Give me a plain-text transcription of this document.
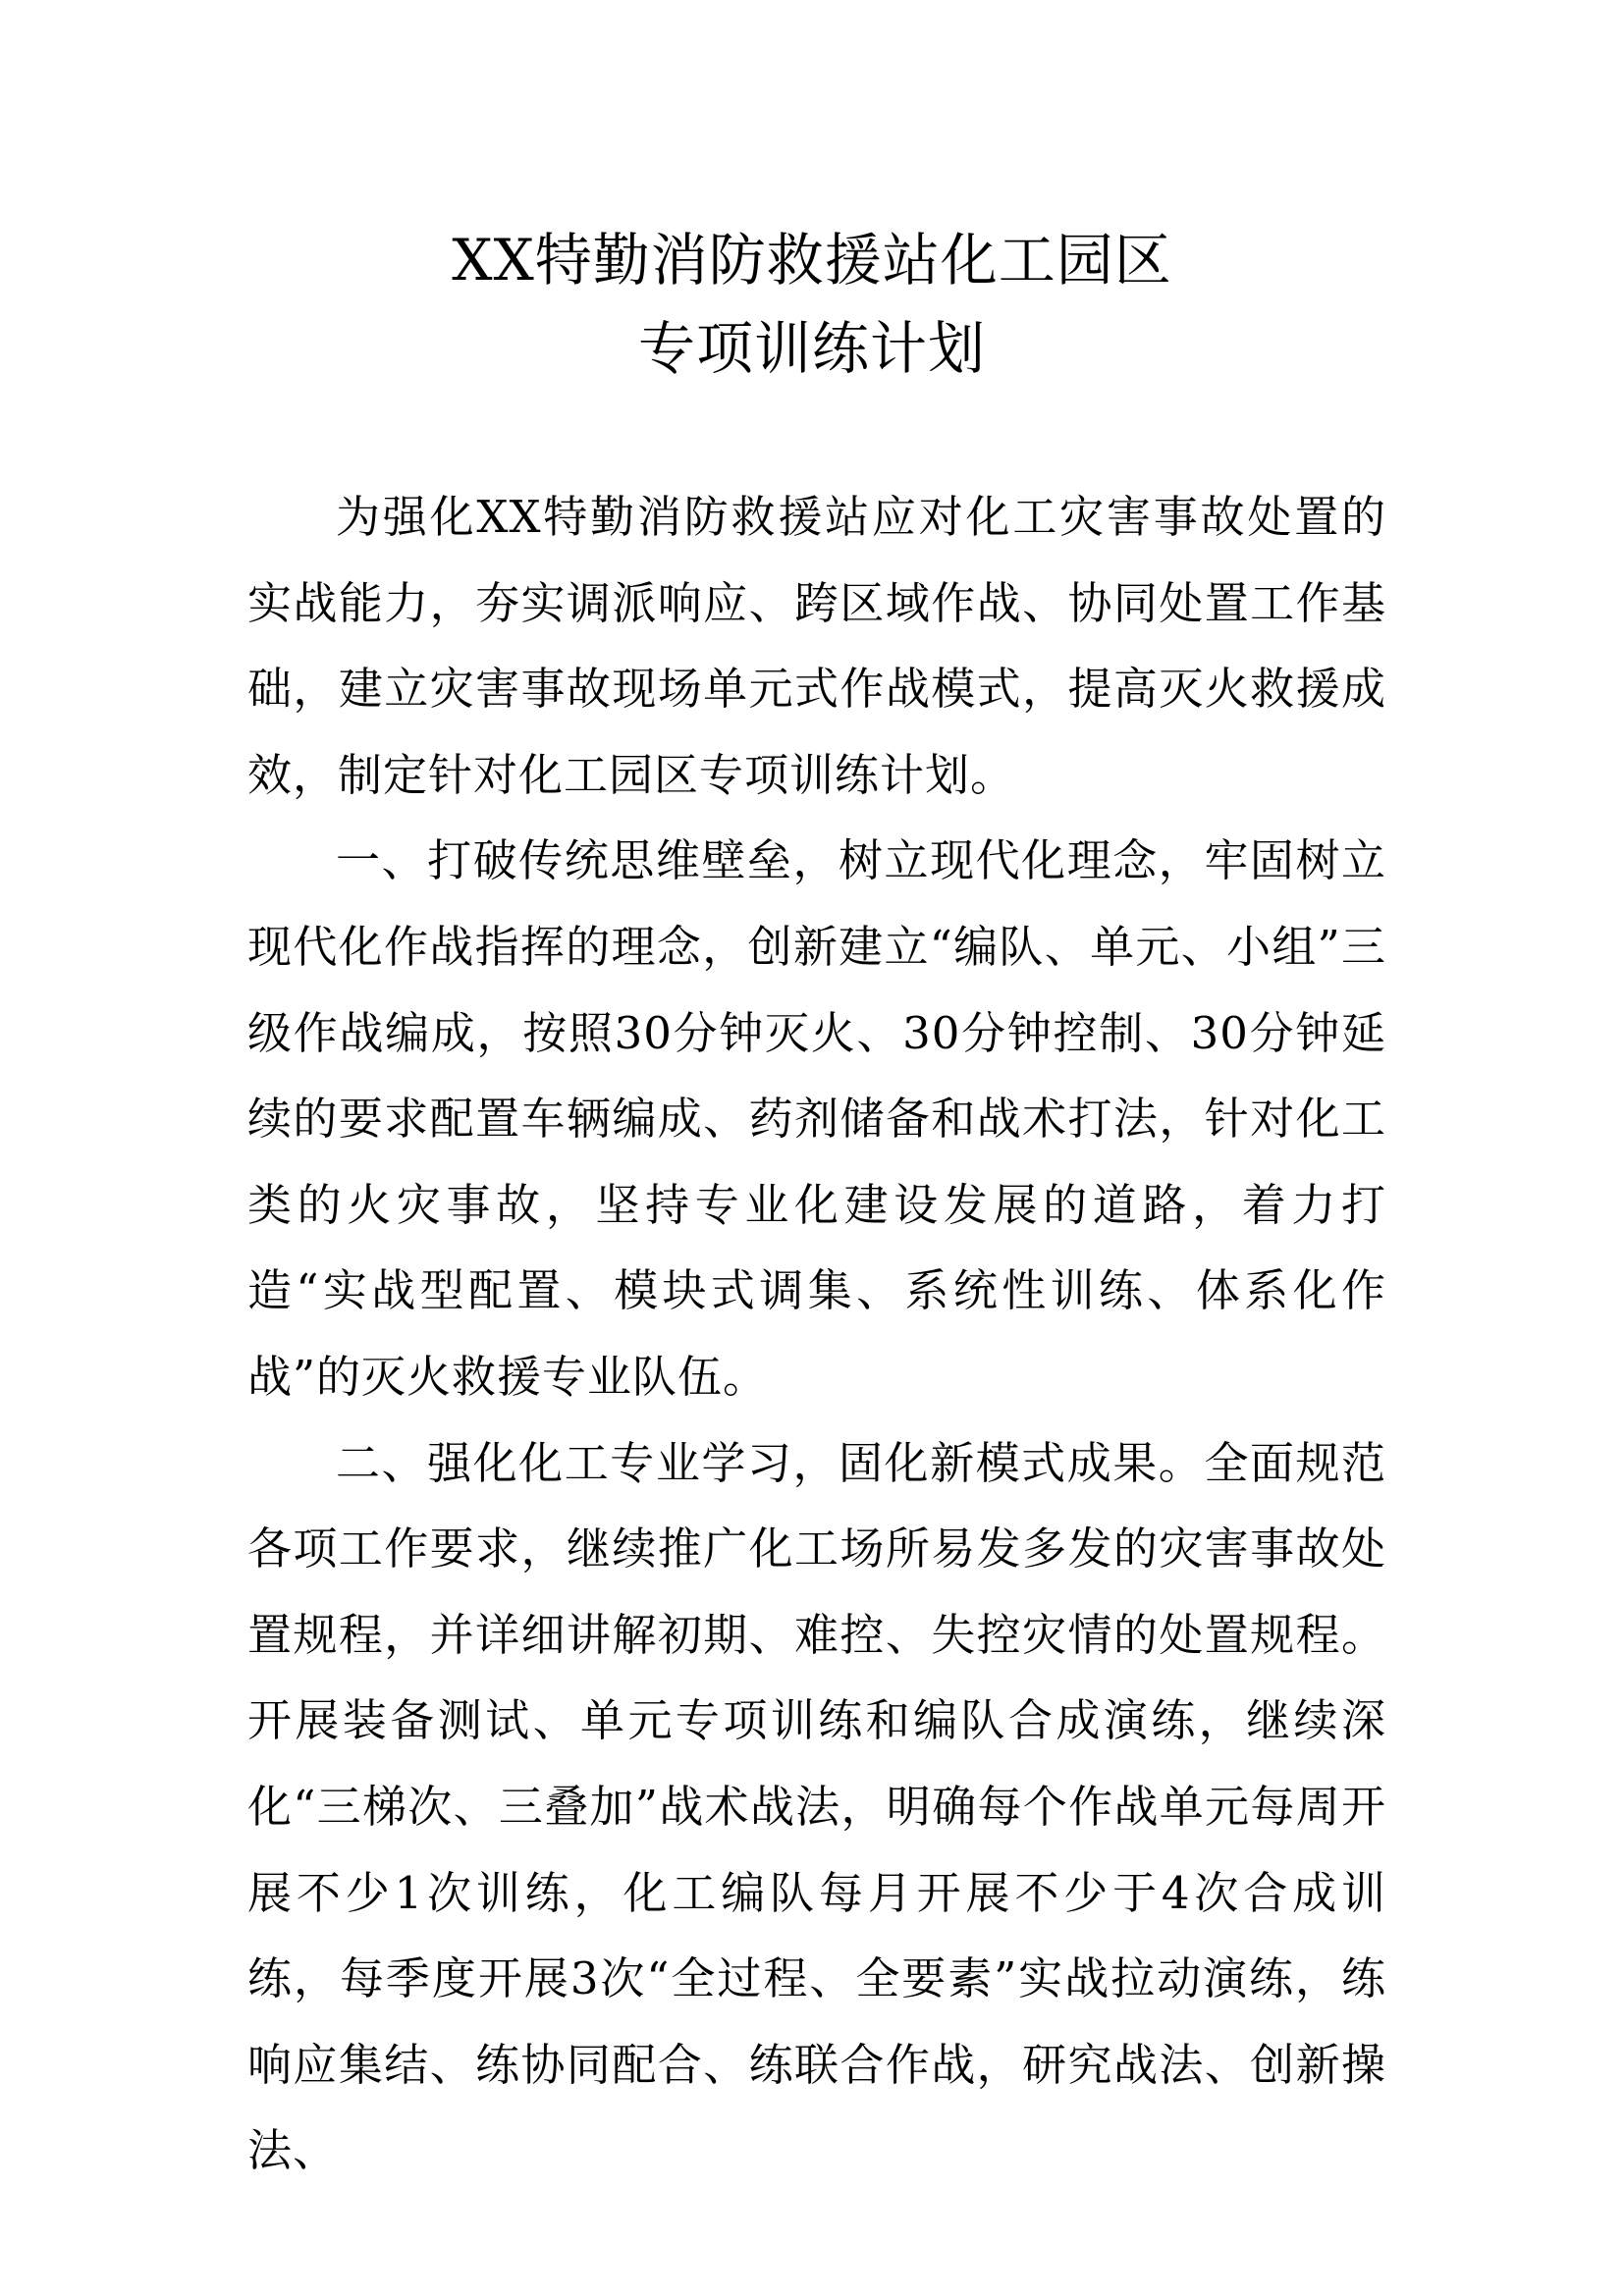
XX特勤消防救援站化工园区
专项训练计划

为强化XX特勤消防救援站应对化工灾害事故处置的实战能力，夯实调派响应、跨区域作战、协同处置工作基础，建立灾害事故现场单元式作战模式，提高灭火救援成效，制定针对化工园区专项训练计划。

一、打破传统思维壁垒，树立现代化理念，牢固树立现代化作战指挥的理念，创新建立“编队、单元、小组”三级作战编成，按照30分钟灭火、30分钟控制、30分钟延续的要求配置车辆编成、药剂储备和战术打法，针对化工类的火灾事故，坚持专业化建设发展的道路，着力打造“实战型配置、模块式调集、系统性训练、体系化作战”的灭火救援专业队伍。

二、强化化工专业学习，固化新模式成果。全面规范各项工作要求，继续推广化工场所易发多发的灾害事故处置规程，并详细讲解初期、难控、失控灾情的处置规程。开展装备测试、单元专项训练和编队合成演练，继续深化“三梯次、三叠加”战术战法，明确每个作战单元每周开展不少1次训练，化工编队每月开展不少于4次合成训练，每季度开展3次“全过程、全要素”实战拉动演练，练响应集结、练协同配合、练联合作战，研究战法、创新操法、
